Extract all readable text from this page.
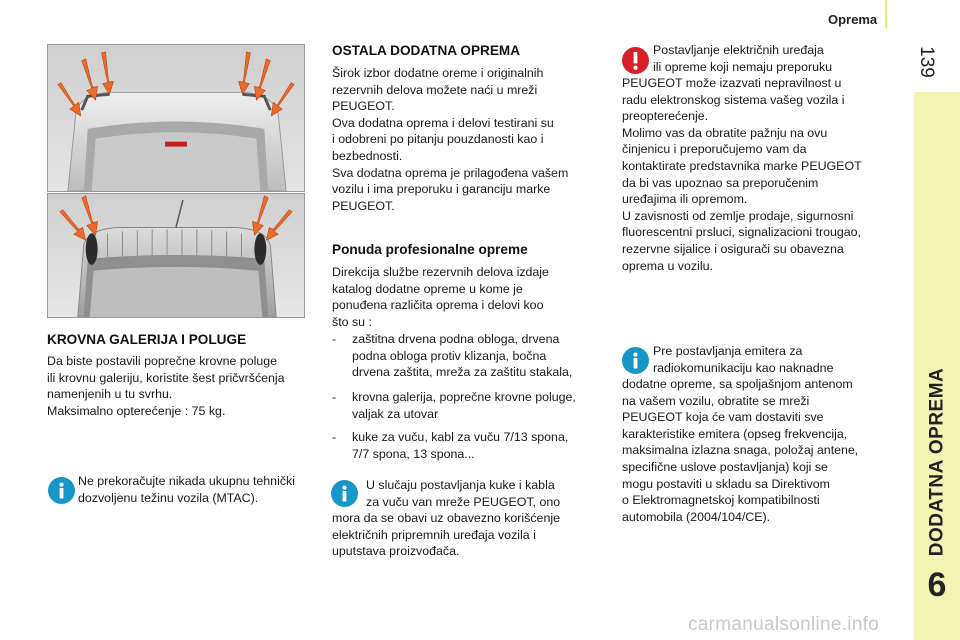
Oprema
139
DODATNA OPREMA
6
KROVNA GALERIJA I POLUGE
Da biste postavili poprečne krovne poluge
ili krovnu galeriju, koristite šest pričvršćenja
namenjenih u tu svrhu.
Maksimalno opterećenje : 75 kg.
Ne prekoračujte nikada ukupnu tehnički
dozvoljenu težinu vozila (MTAC).
OSTALA DODATNA OPREMA
Širok izbor dodatne oreme i originalnih
rezervnih delova možete naći u mreži
PEUGEOT.
Ova dodatna oprema i delovi testirani su
i odobreni po pitanju pouzdanosti kao i
bezbednosti.
Sva dodatna oprema je prilagođena vašem
vozilu i ima preporuku i garanciju marke
PEUGEOT.
Ponuda profesionalne opreme
Direkcija službe rezervnih delova izdaje
katalog dodatne opreme u kome je
ponuđena različita oprema i delovi koo
što su :
-	zaštitna drvena podna obloga, drvena
podna obloga protiv klizanja, bočna
drvena zaštita, mreža za zaštitu stakala,
-	krovna galerija, poprečne krovne poluge,
valjak za utovar
-	kuke za vuču, kabl za vuču 7/13 spona,
7/7 spona, 13 spona...
U slučaju postavljanja kuke i kabla
za vuču van mreže PEUGEOT, ono
mora da se obavi uz obavezno korišćenje
električnih pripremnih uređaja vozila i
uputstava proizvođača.
Postavljanje električnih uređaja
ili opreme koji nemaju preporuku
PEUGEOT može izazvati nepravilnost u
radu elektronskog sistema vašeg vozila i
preopterećenje.
Molimo vas da obratite pažnju na ovu
činjenicu i preporučujemo vam da
kontaktirate predstavnika marke PEUGEOT
da bi vas upoznao sa preporučenim
uređajima ili opremom.
U zavisnosti od zemlje prodaje, sigurnosni
fluorescentni prsluci, signalizacioni trougao,
rezervne sijalice i osigurači su obavezna
oprema u vozilu.
Pre postavljanja emitera za
radiokomunikaciju kao naknadne
dodatne opreme, sa spoljašnjom antenom
na vašem vozilu, obratite se mreži
PEUGEOT koja će vam dostaviti sve
karakteristike emitera (opseg frekvencija,
maksimalna izlazna snaga, položaj antene,
specifične uslove postavljanja) koji se
mogu postaviti u skladu sa Direktivom
o Elektromagnetskoj kompatibilnosti
automobila (2004/104/CE).
carmanualsonline.info
